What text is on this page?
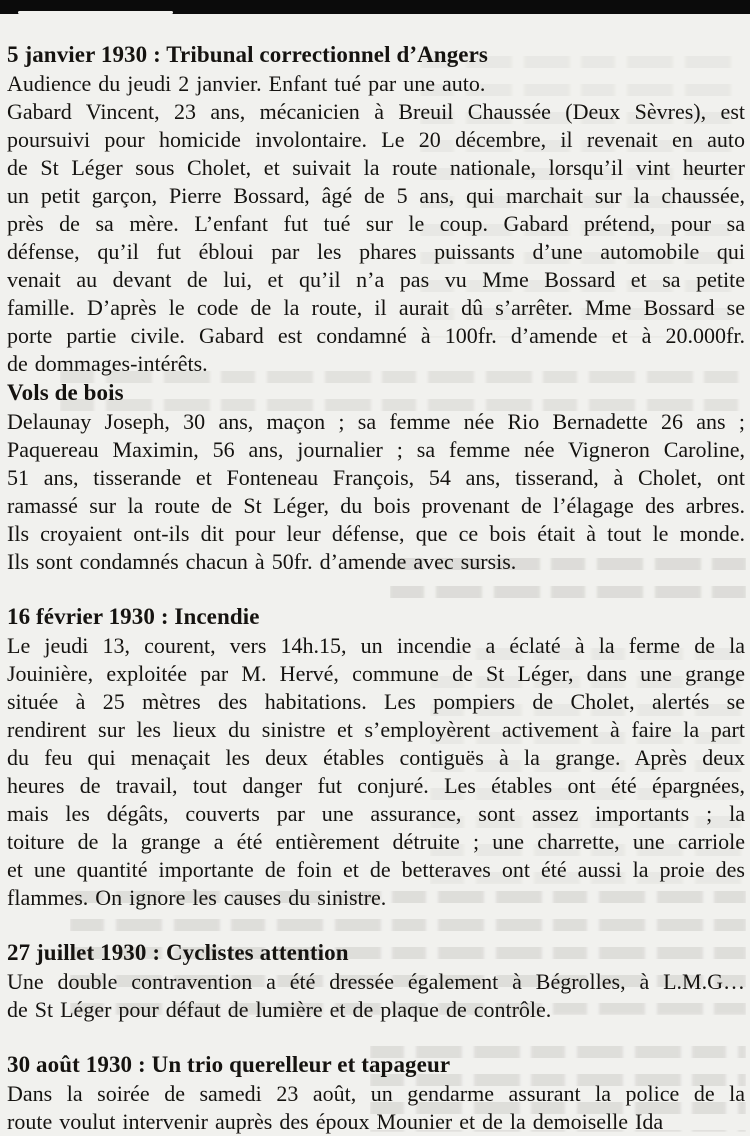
5 janvier 1930 : Tribunal correctionnel d’Angers
Audience du jeudi 2 janvier. Enfant tué par une auto.
Gabard Vincent, 23 ans, mécanicien à Breuil Chaussée (Deux Sèvres), est
poursuivi pour homicide involontaire. Le 20 décembre, il revenait en auto
de St Léger sous Cholet, et suivait la route nationale, lorsqu’il vint heurter
un petit garçon, Pierre Bossard, âgé de 5 ans, qui marchait sur la chaussée,
près de sa mère. L’enfant fut tué sur le coup. Gabard prétend, pour sa
défense, qu’il fut ébloui par les phares puissants d’une automobile qui
venait au devant de lui, et qu’il n’a pas vu Mme Bossard et sa petite
famille. D’après le code de la route, il aurait dû s’arrêter. Mme Bossard se
porte partie civile. Gabard est condamné à 100fr. d’amende et à 20.000fr.
de dommages-intérêts.
Vols de bois
Delaunay Joseph, 30 ans, maçon ; sa femme née Rio Bernadette 26 ans ;
Paquereau Maximin, 56 ans, journalier ; sa femme née Vigneron Caroline,
51 ans, tisserande et Fonteneau François, 54 ans, tisserand, à Cholet, ont
ramassé sur la route de St Léger, du bois provenant de l’élagage des arbres.
Ils croyaient ont-ils dit pour leur défense, que ce bois était à tout le monde.
Ils sont condamnés chacun à 50fr. d’amende avec sursis.
16 février 1930 : Incendie
Le jeudi 13, courent, vers 14h.15, un incendie a éclaté à la ferme de la
Jouinière, exploitée par M. Hervé, commune de St Léger, dans une grange
située à 25 mètres des habitations. Les pompiers de Cholet, alertés se
rendirent sur les lieux du sinistre et s’employèrent activement à faire la part
du feu qui menaçait les deux étables contiguës à la grange. Après deux
heures de travail, tout danger fut conjuré. Les étables ont été épargnées,
mais les dégâts, couverts par une assurance, sont assez importants ; la
toiture de la grange a été entièrement détruite ; une charrette, une carriole
et une quantité importante de foin et de betteraves ont été aussi la proie des
flammes. On ignore les causes du sinistre.
27 juillet 1930 : Cyclistes attention
Une double contravention a été dressée également à Bégrolles, à L.M.G…
de St Léger pour défaut de lumière et de plaque de contrôle.
30 août 1930 : Un trio querelleur et tapageur
Dans la soirée de samedi 23 août, un gendarme assurant la police de la
route voulut intervenir auprès des époux Mounier et de la demoiselle Ida
